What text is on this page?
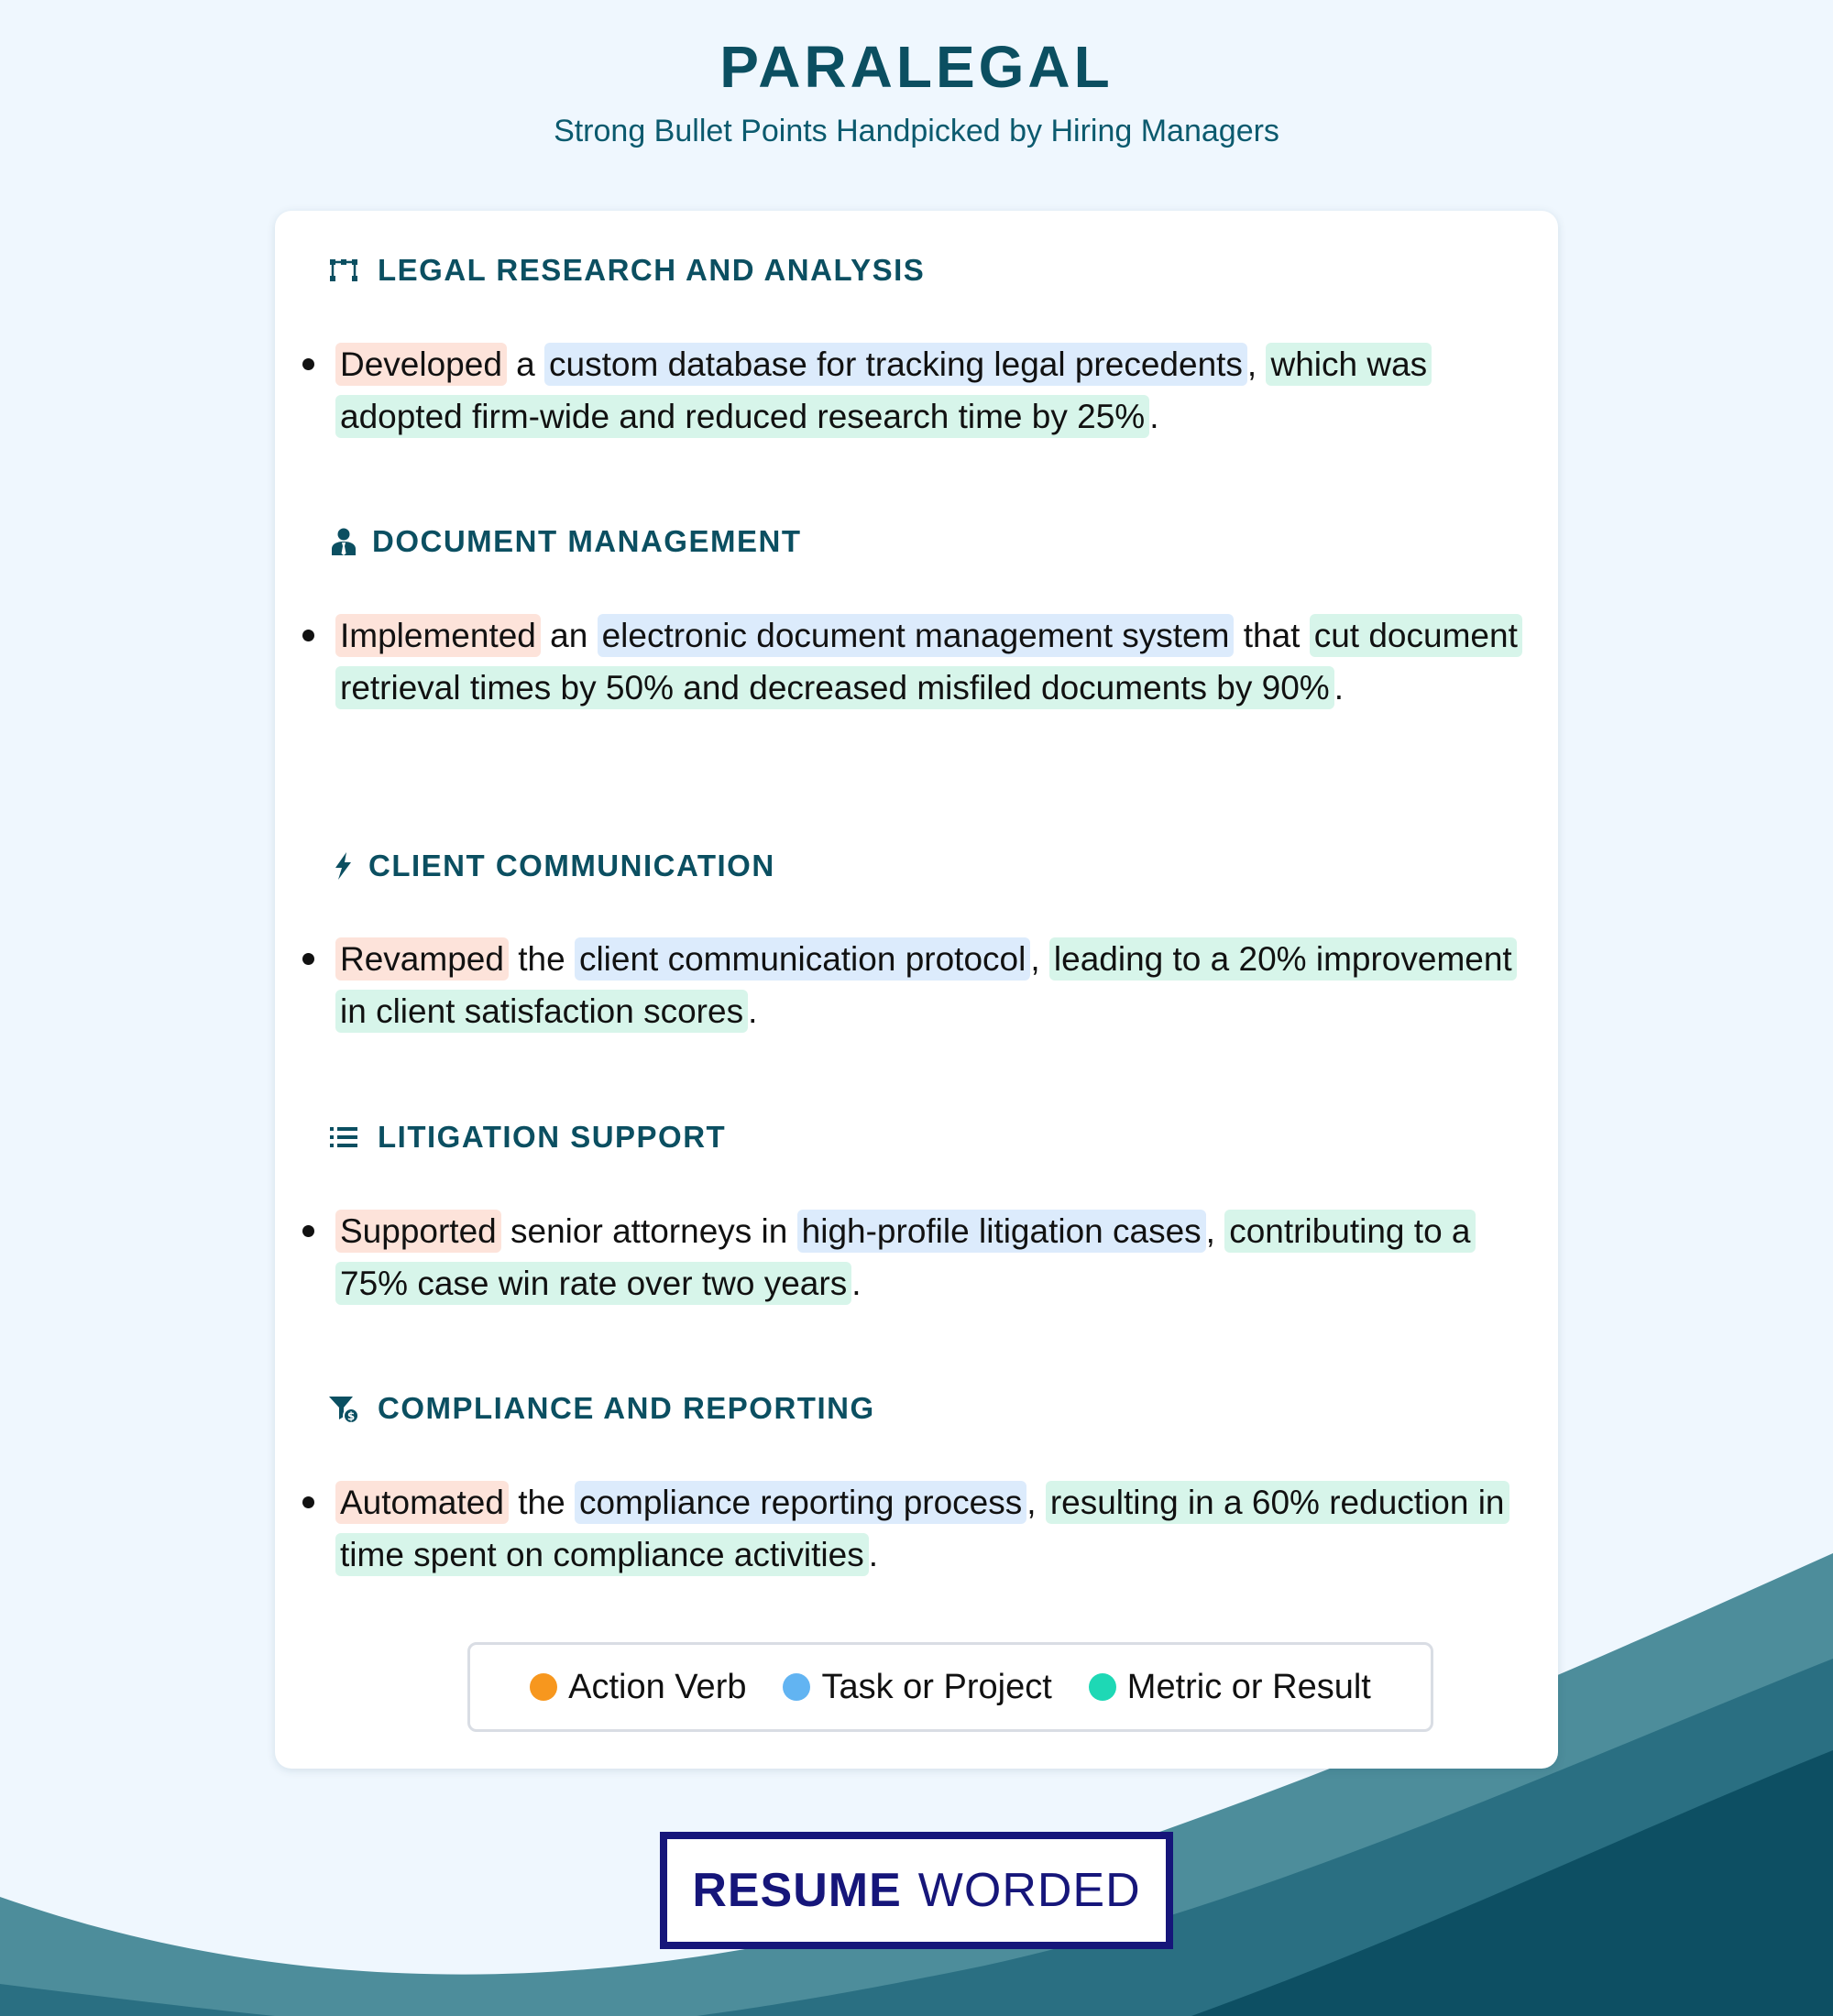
PARALEGAL

Strong Bullet Points Handpicked by Hiring Managers

LEGAL RESEARCH AND ANALYSIS

Developed a custom database for tracking legal precedents , which was adopted firm-wide and reduced research time by 25% .

DOCUMENT MANAGEMENT

Implemented an electronic document management system that cut document retrieval times by 50% and decreased misfiled documents by 90% .

CLIENT COMMUNICATION

Revamped the client communication protocol , leading to a 20% improvement in client satisfaction scores .

LITIGATION SUPPORT

Supported senior attorneys in high-profile litigation cases , contributing to a 75% case win rate over two years .

$ COMPLIANCE AND REPORTING

Automated the compliance reporting process , resulting in a 60% reduction in time spent on compliance activities .

Action Verb Task or Project Metric or Result
RESUME WORDED
